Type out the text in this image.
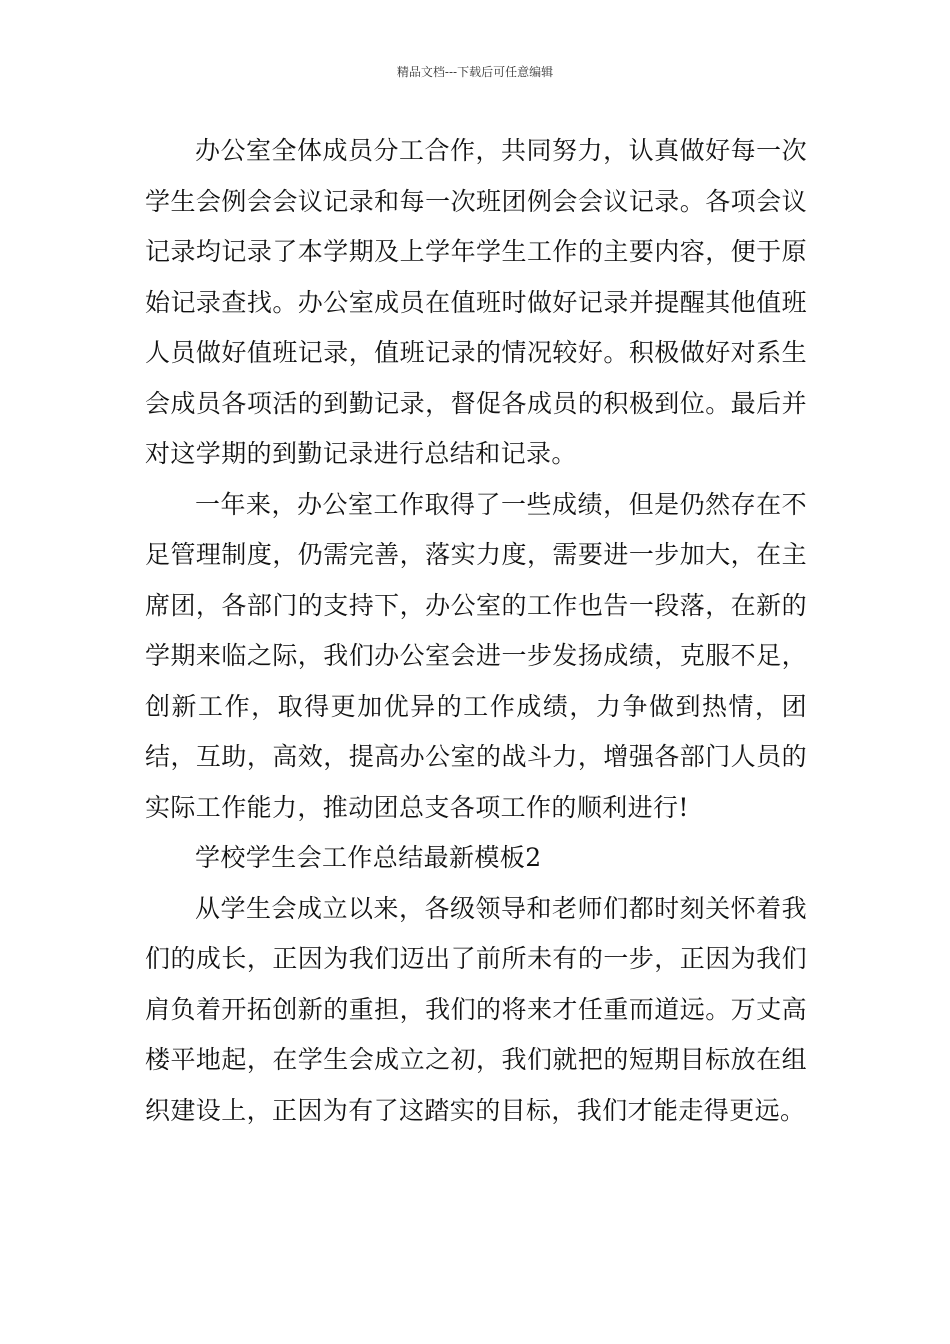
精品文档---下载后可任意编辑

办公室全体成员分工合作，共同努力，认真做好每一次学生会例会会议记录和每一次班团例会会议记录。各项会议记录均记录了本学期及上学年学生工作的主要内容，便于原始记录查找。办公室成员在值班时做好记录并提醒其他值班人员做好值班记录，值班记录的情况较好。积极做好对系生会成员各项活的到勤记录，督促各成员的积极到位。最后并对这学期的到勤记录进行总结和记录。

一年来，办公室工作取得了一些成绩，但是仍然存在不足管理制度，仍需完善，落实力度，需要进一步加大，在主席团，各部门的支持下，办公室的工作也告一段落，在新的学期来临之际，我们办公室会进一步发扬成绩，克服不足，创新工作，取得更加优异的工作成绩，力争做到热情，团结，互助，高效，提高办公室的战斗力，增强各部门人员的实际工作能力，推动团总支各项工作的顺利进行!

学校学生会工作总结最新模板2

从学生会成立以来，各级领导和老师们都时刻关怀着我们的成长，正因为我们迈出了前所未有的一步，正因为我们肩负着开拓创新的重担，我们的将来才任重而道远。万丈高楼平地起，在学生会成立之初，我们就把的短期目标放在组织建设上，正因为有了这踏实的目标，我们才能走得更远。
